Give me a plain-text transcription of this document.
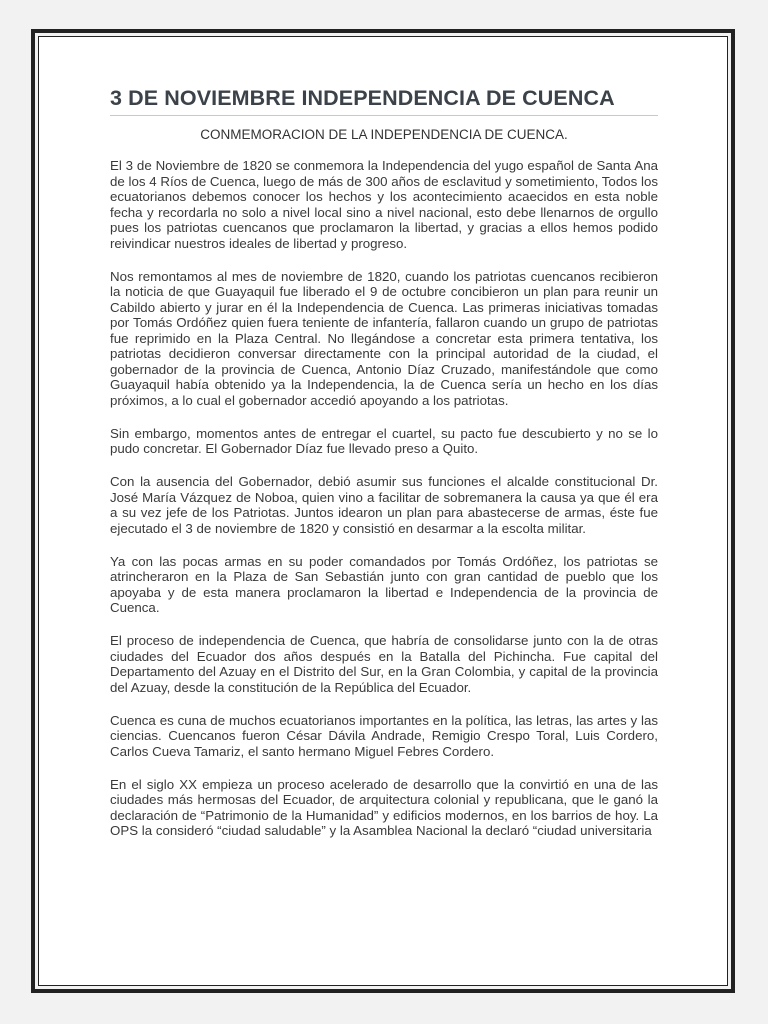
3 DE NOVIEMBRE INDEPENDENCIA DE CUENCA
CONMEMORACION DE LA INDEPENDENCIA DE CUENCA.

El 3 de Noviembre de 1820 se conmemora la Independencia del yugo español de Santa Ana de los 4 Ríos de Cuenca, luego de más de 300 años de esclavitud y sometimiento, Todos los ecuatorianos debemos conocer los hechos y los acontecimiento acaecidos en esta noble fecha y recordarla no solo a nivel local sino a nivel nacional, esto debe llenarnos de orgullo pues los patriotas cuencanos que proclamaron la libertad, y gracias a ellos hemos podido reivindicar nuestros ideales de libertad y progreso.

Nos remontamos al mes de noviembre de 1820, cuando los patriotas cuencanos recibieron la noticia de que Guayaquil fue liberado el 9 de octubre concibieron un plan para reunir un Cabildo abierto y jurar en él la Independencia de Cuenca. Las primeras iniciativas tomadas por Tomás Ordóñez quien fuera teniente de infantería, fallaron cuando un grupo de patriotas fue reprimido en la Plaza Central. No llegándose a concretar esta primera tentativa, los patriotas decidieron conversar directamente con la principal autoridad de la ciudad, el gobernador de la provincia de Cuenca, Antonio Díaz Cruzado, manifestándole que como Guayaquil había obtenido ya la Independencia, la de Cuenca sería un hecho en los días próximos, a lo cual el gobernador accedió apoyando a los patriotas.

Sin embargo, momentos antes de entregar el cuartel, su pacto fue descubierto y no se lo pudo concretar. El Gobernador Díaz fue llevado preso a Quito.

Con la ausencia del Gobernador, debió asumir sus funciones el alcalde constitucional Dr. José María Vázquez de Noboa, quien vino a facilitar de sobremanera la causa ya que él era a su vez jefe de los Patriotas. Juntos idearon un plan para abastecerse de armas, éste fue ejecutado el 3 de noviembre de 1820 y consistió en desarmar a la escolta militar.

Ya con las pocas armas en su poder comandados por Tomás Ordóñez, los patriotas se atrincheraron en la Plaza de San Sebastián junto con gran cantidad de pueblo que los apoyaba y de esta manera proclamaron la libertad e Independencia de la provincia de Cuenca.

El proceso de independencia de Cuenca, que habría de consolidarse junto con la de otras ciudades del Ecuador dos años después en la Batalla del Pichincha. Fue capital del Departamento del Azuay en el Distrito del Sur, en la Gran Colombia, y capital de la provincia del Azuay, desde la constitución de la República del Ecuador.

Cuenca es cuna de muchos ecuatorianos importantes en la política, las letras, las artes y las ciencias. Cuencanos fueron César Dávila Andrade, Remigio Crespo Toral, Luis Cordero, Carlos Cueva Tamariz, el santo hermano Miguel Febres Cordero.

En el siglo XX empieza un proceso acelerado de desarrollo que la convirtió en una de las ciudades más hermosas del Ecuador, de arquitectura colonial y republicana, que le ganó la declaración de “Patrimonio de la Humanidad” y edificios modernos, en los barrios de hoy. La OPS la consideró “ciudad saludable” y la Asamblea Nacional la declaró “ciudad universitaria
